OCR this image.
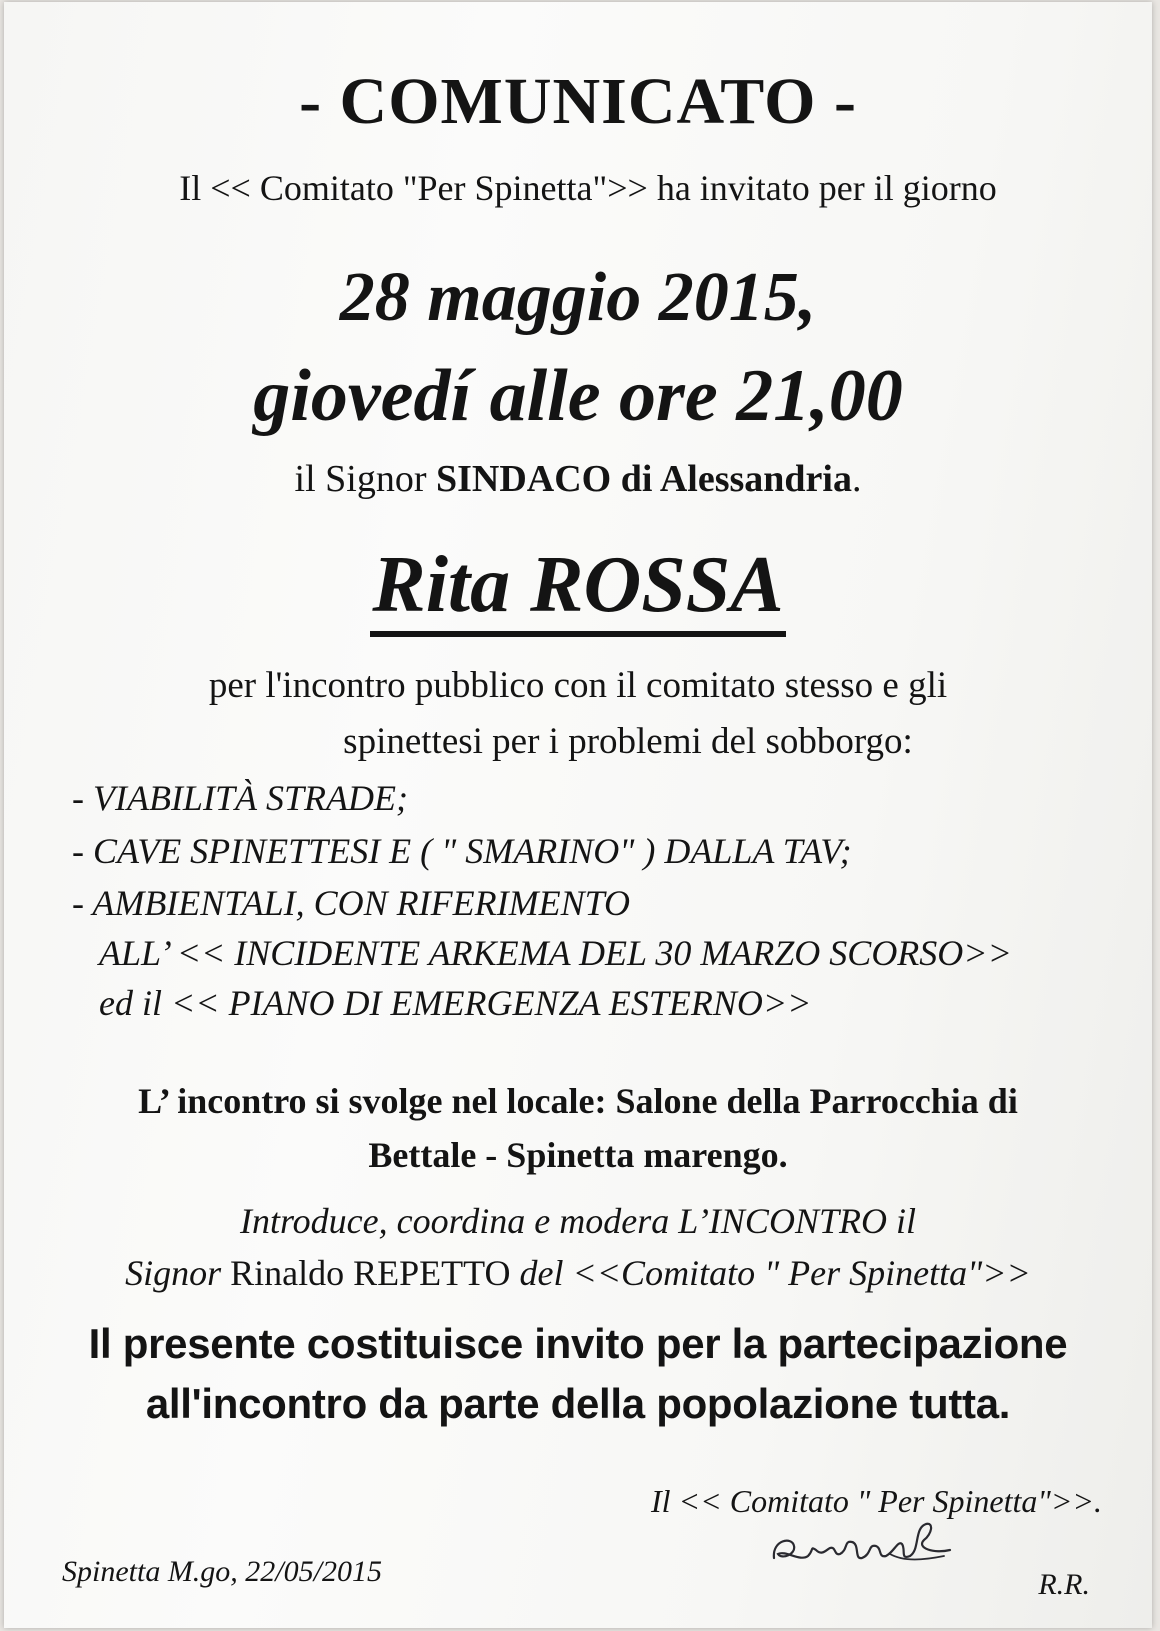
- COMUNICATO -
Il << Comitato "Per Spinetta">> ha invitato per il giorno
28 maggio 2015,
giovedí alle ore 21,00
il Signor SINDACO di Alessandria.
Rita ROSSA
per l'incontro pubblico con il comitato stesso e gli
spinettesi per i problemi del sobborgo:
- VIABILITÀ STRADE;
- CAVE SPINETTESI E ( " SMARINO" ) DALLA TAV;
- AMBIENTALI, CON RIFERIMENTO
ALL’ << INCIDENTE ARKEMA DEL 30 MARZO SCORSO>>
ed il << PIANO DI EMERGENZA ESTERNO>>
L’ incontro si svolge nel locale: Salone della Parrocchia di
Bettale - Spinetta marengo.
Introduce, coordina e modera L’INCONTRO il
Signor Rinaldo REPETTO del <<Comitato " Per Spinetta">>
Il presente costituisce invito per la partecipazione
all'incontro da parte della popolazione tutta.
Il << Comitato " Per Spinetta">>.
Spinetta M.go, 22/05/2015	R.R.
